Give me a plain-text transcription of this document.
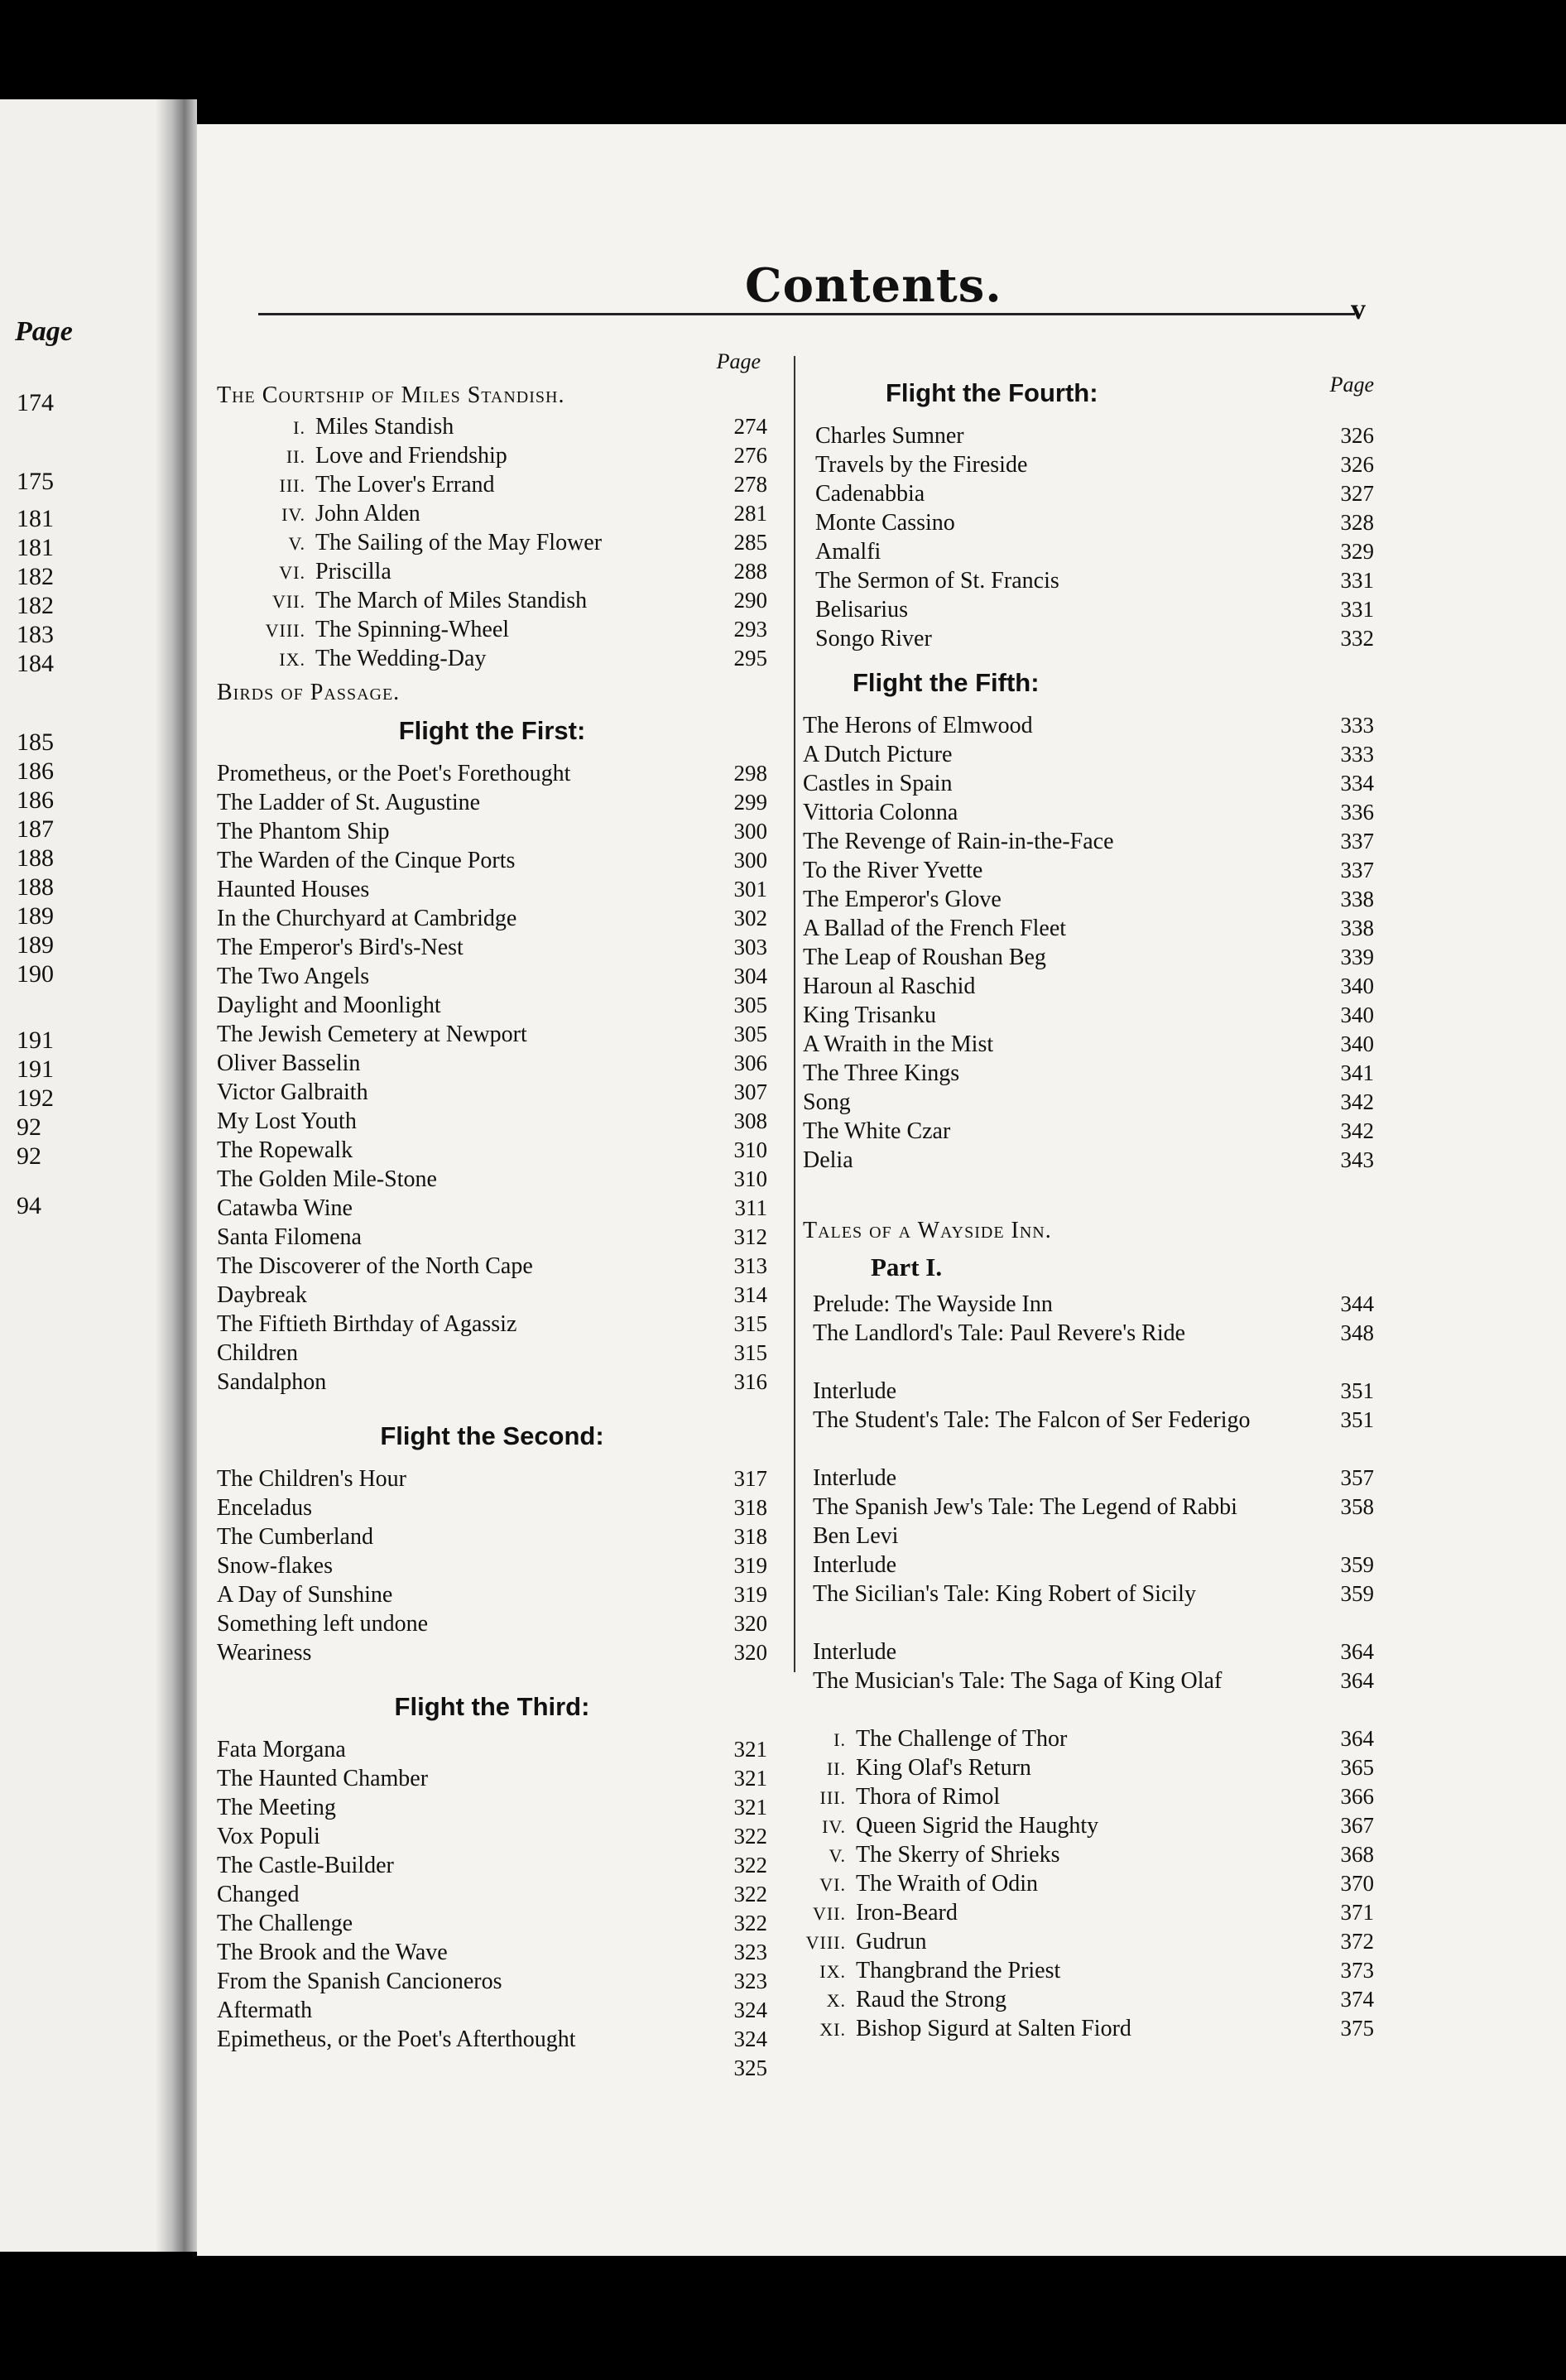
Page
174
175
181
181
182
182
183
184
185
186
186
187
188
188
189
189
190
191
191
192
92
92
94
Contents.	v
Page
The Courtship of Miles Standish.
I. Miles Standish	274
II. Love and Friendship	276
III. The Lover's Errand	278
IV. John Alden	281
V. The Sailing of the May Flower	285
VI. Priscilla	288
VII. The March of Miles Standish	290
VIII. The Spinning-Wheel	293
IX. The Wedding-Day	295
Birds of Passage.
Flight the First:
Prometheus, or the Poet's Forethought	298
The Ladder of St. Augustine	299
The Phantom Ship	300
The Warden of the Cinque Ports	300
Haunted Houses	301
In the Churchyard at Cambridge	302
The Emperor's Bird's-Nest	303
The Two Angels	304
Daylight and Moonlight	305
The Jewish Cemetery at Newport	305
Oliver Basselin	306
Victor Galbraith	307
My Lost Youth	308
The Ropewalk	310
The Golden Mile-Stone	310
Catawba Wine	311
Santa Filomena	312
The Discoverer of the North Cape	313
Daybreak	314
The Fiftieth Birthday of Agassiz	315
Children	315
Sandalphon	316
Flight the Second:
The Children's Hour	317
Enceladus	318
The Cumberland	318
Snow-flakes	319
A Day of Sunshine	319
Something left undone	320
Weariness	320
Flight the Third:
Fata Morgana	321
The Haunted Chamber	321
The Meeting	321
Vox Populi	322
The Castle-Builder	322
Changed	322
The Challenge	322
The Brook and the Wave	323
From the Spanish Cancioneros	323
Aftermath	324
Epimetheus, or the Poet's Afterthought	324
325
Page
Flight the Fourth:
Charles Sumner	326
Travels by the Fireside	326
Cadenabbia	327
Monte Cassino	328
Amalfi	329
The Sermon of St. Francis	331
Belisarius	331
Songo River	332
Flight the Fifth:
The Herons of Elmwood	333
A Dutch Picture	333
Castles in Spain	334
Vittoria Colonna	336
The Revenge of Rain-in-the-Face	337
To the River Yvette	337
The Emperor's Glove	338
A Ballad of the French Fleet	338
The Leap of Roushan Beg	339
Haroun al Raschid	340
King Trisanku	340
A Wraith in the Mist	340
The Three Kings	341
Song	342
The White Czar	342
Delia	343
Tales of a Wayside Inn.
Part I.
Prelude: The Wayside Inn	344
The Landlord's Tale: Paul Revere's Ride	348
Interlude	351
The Student's Tale: The Falcon of Ser Federigo	351
Interlude	357
The Spanish Jew's Tale: The Legend of Rabbi Ben Levi
358
Interlude	359
The Sicilian's Tale: King Robert of Sicily	359
Interlude	364
The Musician's Tale: The Saga of King Olaf	364
I. The Challenge of Thor	364
II. King Olaf's Return	365
III. Thora of Rimol	366
IV. Queen Sigrid the Haughty	367
V. The Skerry of Shrieks	368
VI. The Wraith of Odin	370
VII. Iron-Beard	371
VIII. Gudrun	372
IX. Thangbrand the Priest	373
X. Raud the Strong	374
XI. Bishop Sigurd at Salten Fiord	375
